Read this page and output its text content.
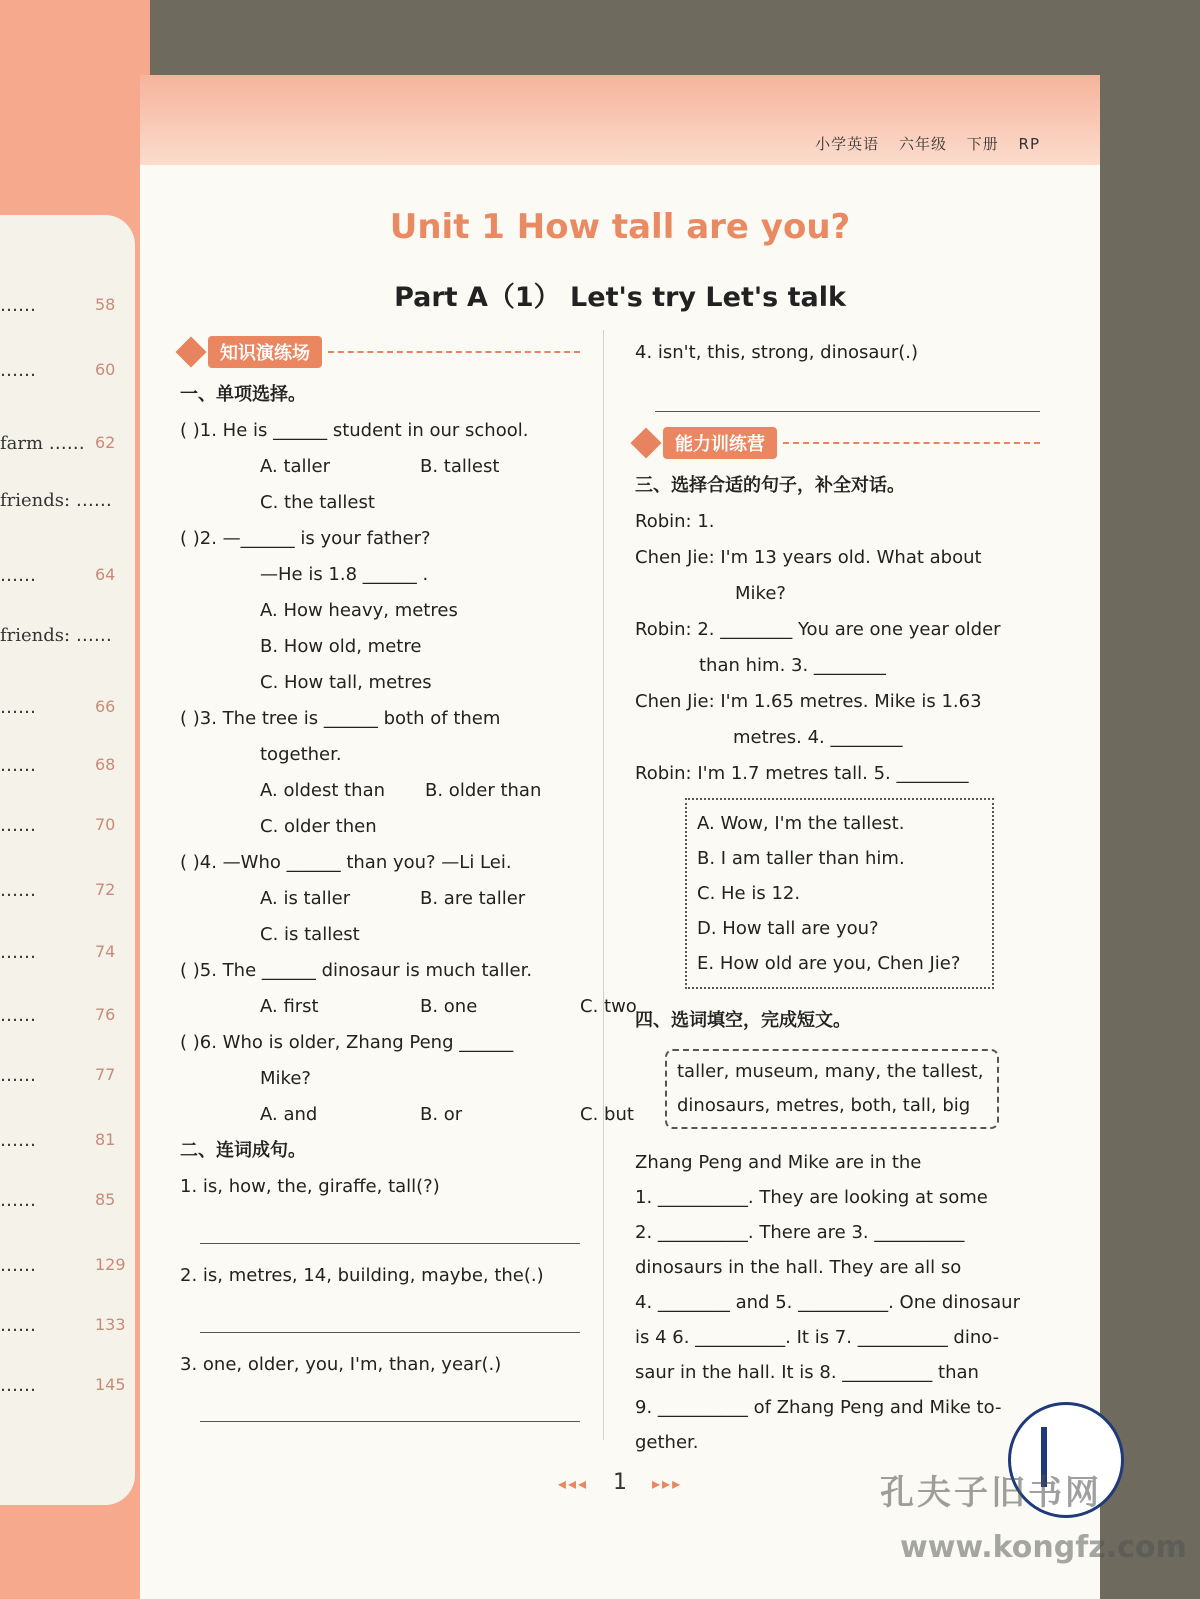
……	58
……	60
farm …… 62
friends: ……
……	64
friends: ……
……	66
……	68
……	70
……	72
……	74
……	76
……	77
……	81
……	85
……	129
……	133
……	145
小学英语 六年级 下册 RP
Unit 1 How tall are you?
Part A（1） Let's try Let's talk
知识演练场
一、单项选择。
( )1. He is ______ student in our school.
A. taller	B. tallest
C. the tallest
( )2. —______ is your father?
—He is 1.8 ______ .
A. How heavy, metres
B. How old, metre
C. How tall, metres
( )3. The tree is ______ both of them
together.
A. oldest than B. older than
C. older then
( )4. —Who ______ than you? —Li Lei.
A. is taller	B. are taller
C. is tallest
( )5. The ______ dinosaur is much taller.
A. first	B. one	C. two
( )6. Who is older, Zhang Peng ______
Mike?
A. and	B. or	C. but
二、连词成句。
1. is, how, the, giraffe, tall(?)
2. is, metres, 14, building, maybe, the(.)
3. one, older, you, I'm, than, year(.)
4. isn't, this, strong, dinosaur(.)
能力训练营
三、选择合适的句子，补全对话。
Robin: 1.
Chen Jie: I'm 13 years old. What about
Mike?
Robin: 2. ________ You are one year older
than him. 3. ________
Chen Jie: I'm 1.65 metres. Mike is 1.63
metres. 4. ________
Robin: I'm 1.7 metres tall. 5. ________
A. Wow, I'm the tallest.
B. I am taller than him.
C. He is 12.
D. How tall are you?
E. How old are you, Chen Jie?
四、选词填空，完成短文。
taller, museum, many, the tallest,
dinosaurs, metres, both, tall, big
Zhang Peng and Mike are in the
1. __________. They are looking at some
2. __________. There are 3. __________
dinosaurs in the hall. They are all so
4. ________ and 5. __________. One dinosaur
is 4 6. __________. It is 7. __________ dino-
saur in the hall. It is 8. __________ than
9. __________ of Zhang Peng and Mike to-
gether.
◂◂◂ 1 ▸▸▸	孔夫子旧书网
www.kongfz.com
